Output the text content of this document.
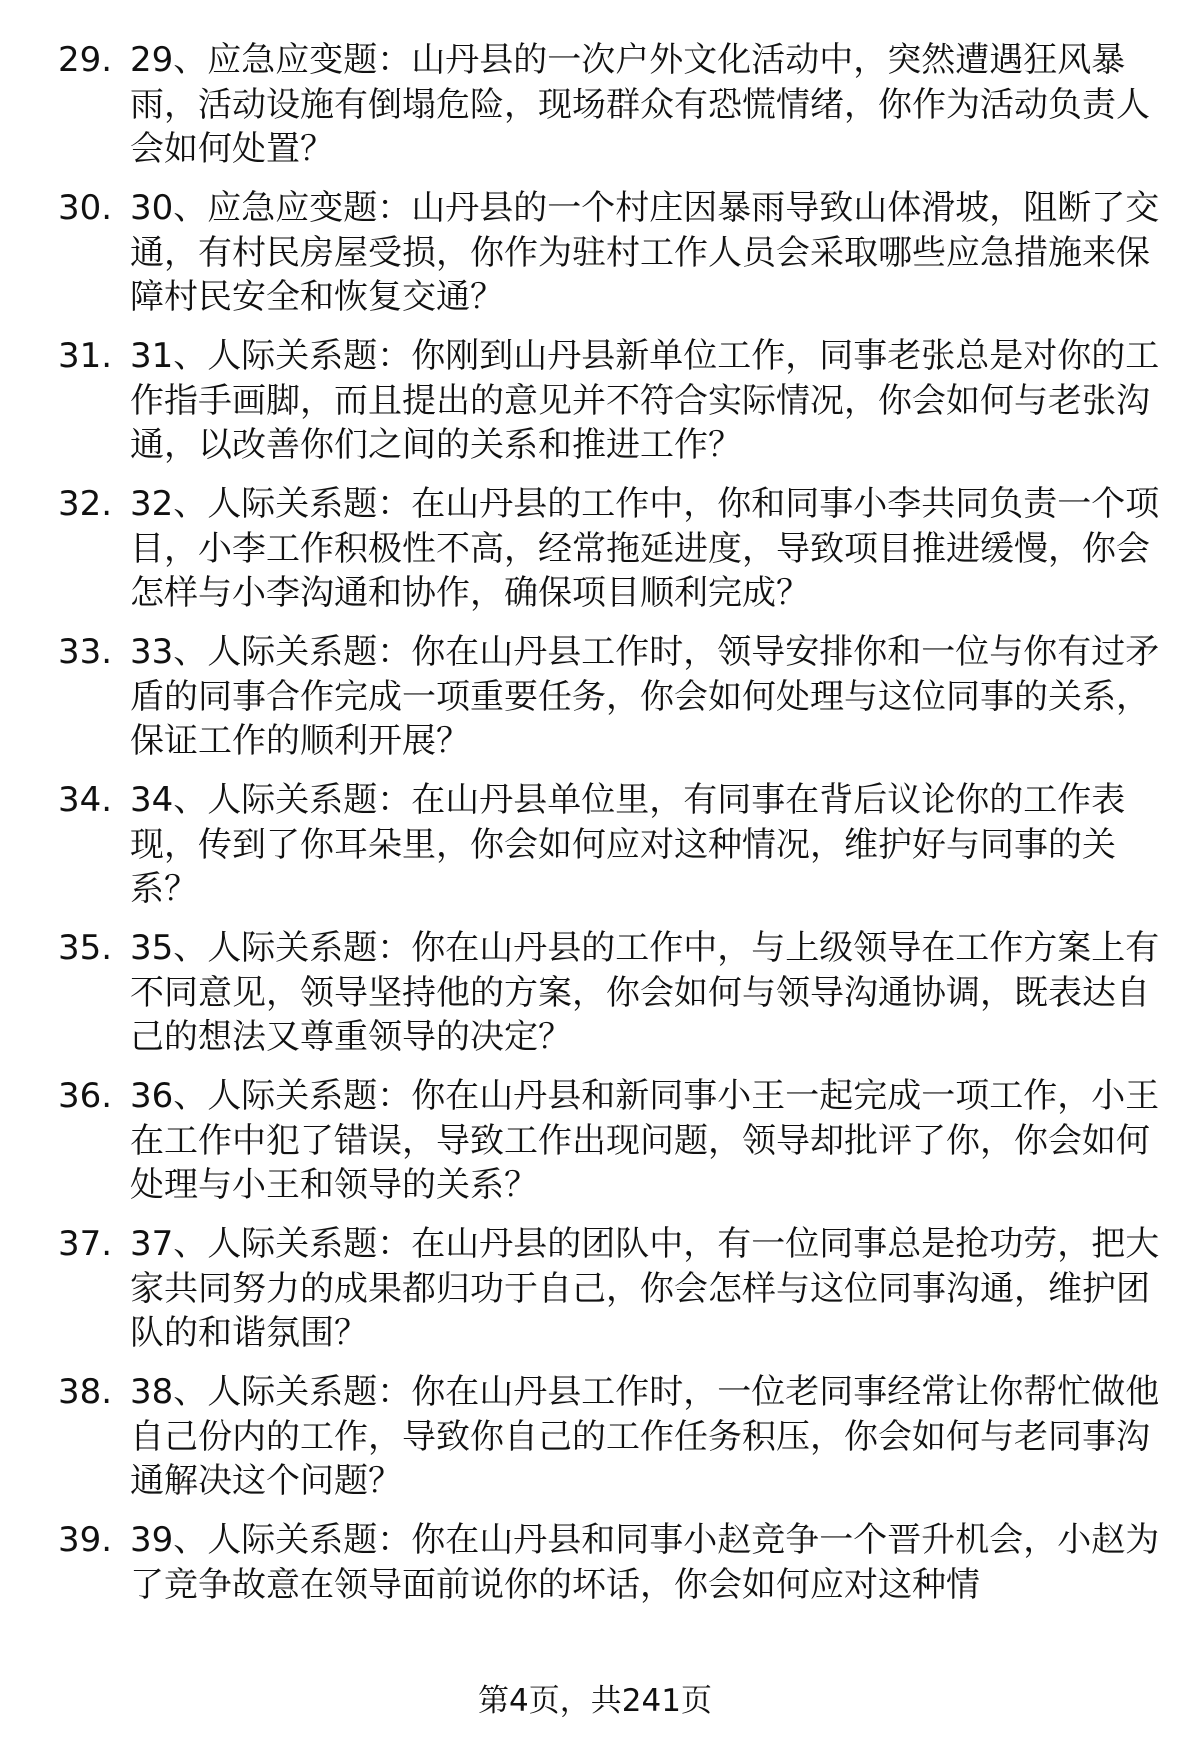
29. 29、应急应变题：山丹县的一次户外文化活动中，突然遭遇狂风暴雨，活动设施有倒塌危险，现场群众有恐慌情绪，你作为活动负责人会如何处置？
30. 30、应急应变题：山丹县的一个村庄因暴雨导致山体滑坡，阻断了交通，有村民房屋受损，你作为驻村工作人员会采取哪些应急措施来保障村民安全和恢复交通？
31. 31、人际关系题：你刚到山丹县新单位工作，同事老张总是对你的工作指手画脚，而且提出的意见并不符合实际情况，你会如何与老张沟通，以改善你们之间的关系和推进工作？
32. 32、人际关系题：在山丹县的工作中，你和同事小李共同负责一个项目，小李工作积极性不高，经常拖延进度，导致项目推进缓慢，你会怎样与小李沟通和协作，确保项目顺利完成？
33. 33、人际关系题：你在山丹县工作时，领导安排你和一位与你有过矛盾的同事合作完成一项重要任务，你会如何处理与这位同事的关系，保证工作的顺利开展？
34. 34、人际关系题：在山丹县单位里，有同事在背后议论你的工作表现，传到了你耳朵里，你会如何应对这种情况，维护好与同事的关系？
35. 35、人际关系题：你在山丹县的工作中，与上级领导在工作方案上有不同意见，领导坚持他的方案，你会如何与领导沟通协调，既表达自己的想法又尊重领导的决定？
36. 36、人际关系题：你在山丹县和新同事小王一起完成一项工作，小王在工作中犯了错误，导致工作出现问题，领导却批评了你，你会如何处理与小王和领导的关系？
37. 37、人际关系题：在山丹县的团队中，有一位同事总是抢功劳，把大家共同努力的成果都归功于自己，你会怎样与这位同事沟通，维护团队的和谐氛围？
38. 38、人际关系题：你在山丹县工作时，一位老同事经常让你帮忙做他自己份内的工作，导致你自己的工作任务积压，你会如何与老同事沟通解决这个问题？
39. 39、人际关系题：你在山丹县和同事小赵竞争一个晋升机会，小赵为了竞争故意在领导面前说你的坏话，你会如何应对这种情
第4页，共241页
